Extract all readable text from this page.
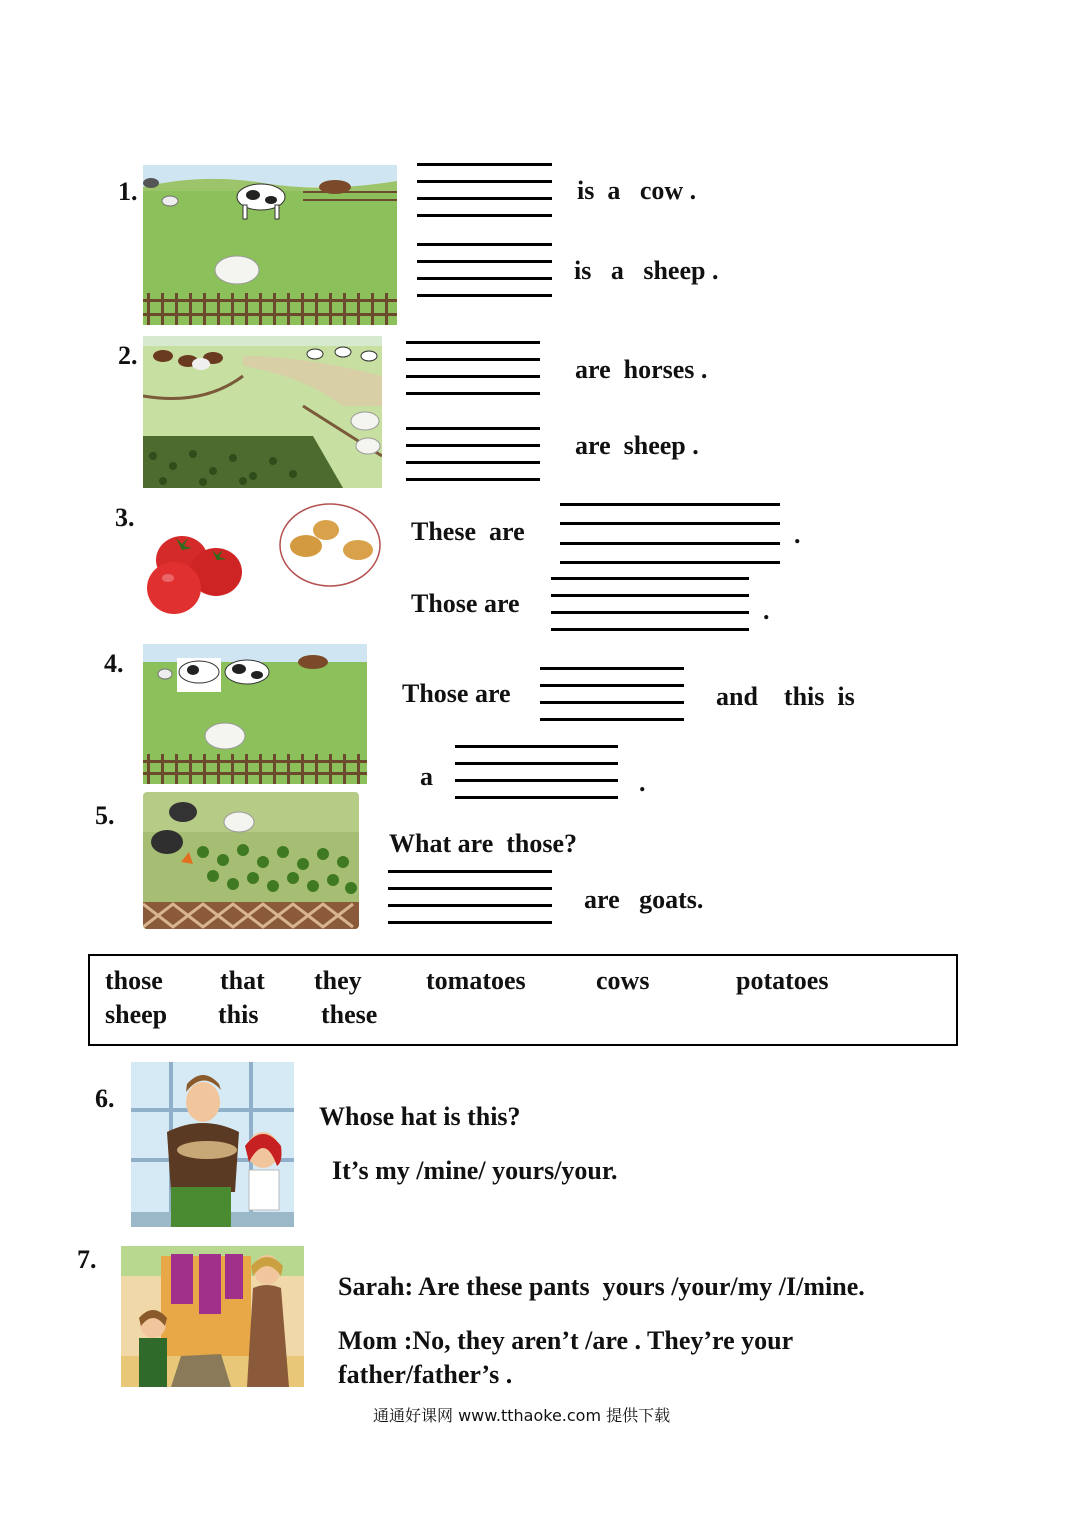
1.	is  a   cow .
is   a   sheep .
2.	are  horses .
are  sheep .
3.	These  are	.
Those are	.
4.
Those are	and    this  is
a	.
5.
What are  those?
are   goats.
those that they tomatoes	cows	potatoes
sheep this these
6.
Whose hat is this?
It’s my /mine/ yours/your.
7.
Sarah: Are these pants  yours /your/my /I/mine.
Mom :No, they aren’t /are . They’re your
father/father’s .
通通好课网 www.tthaoke.com 提供下载
